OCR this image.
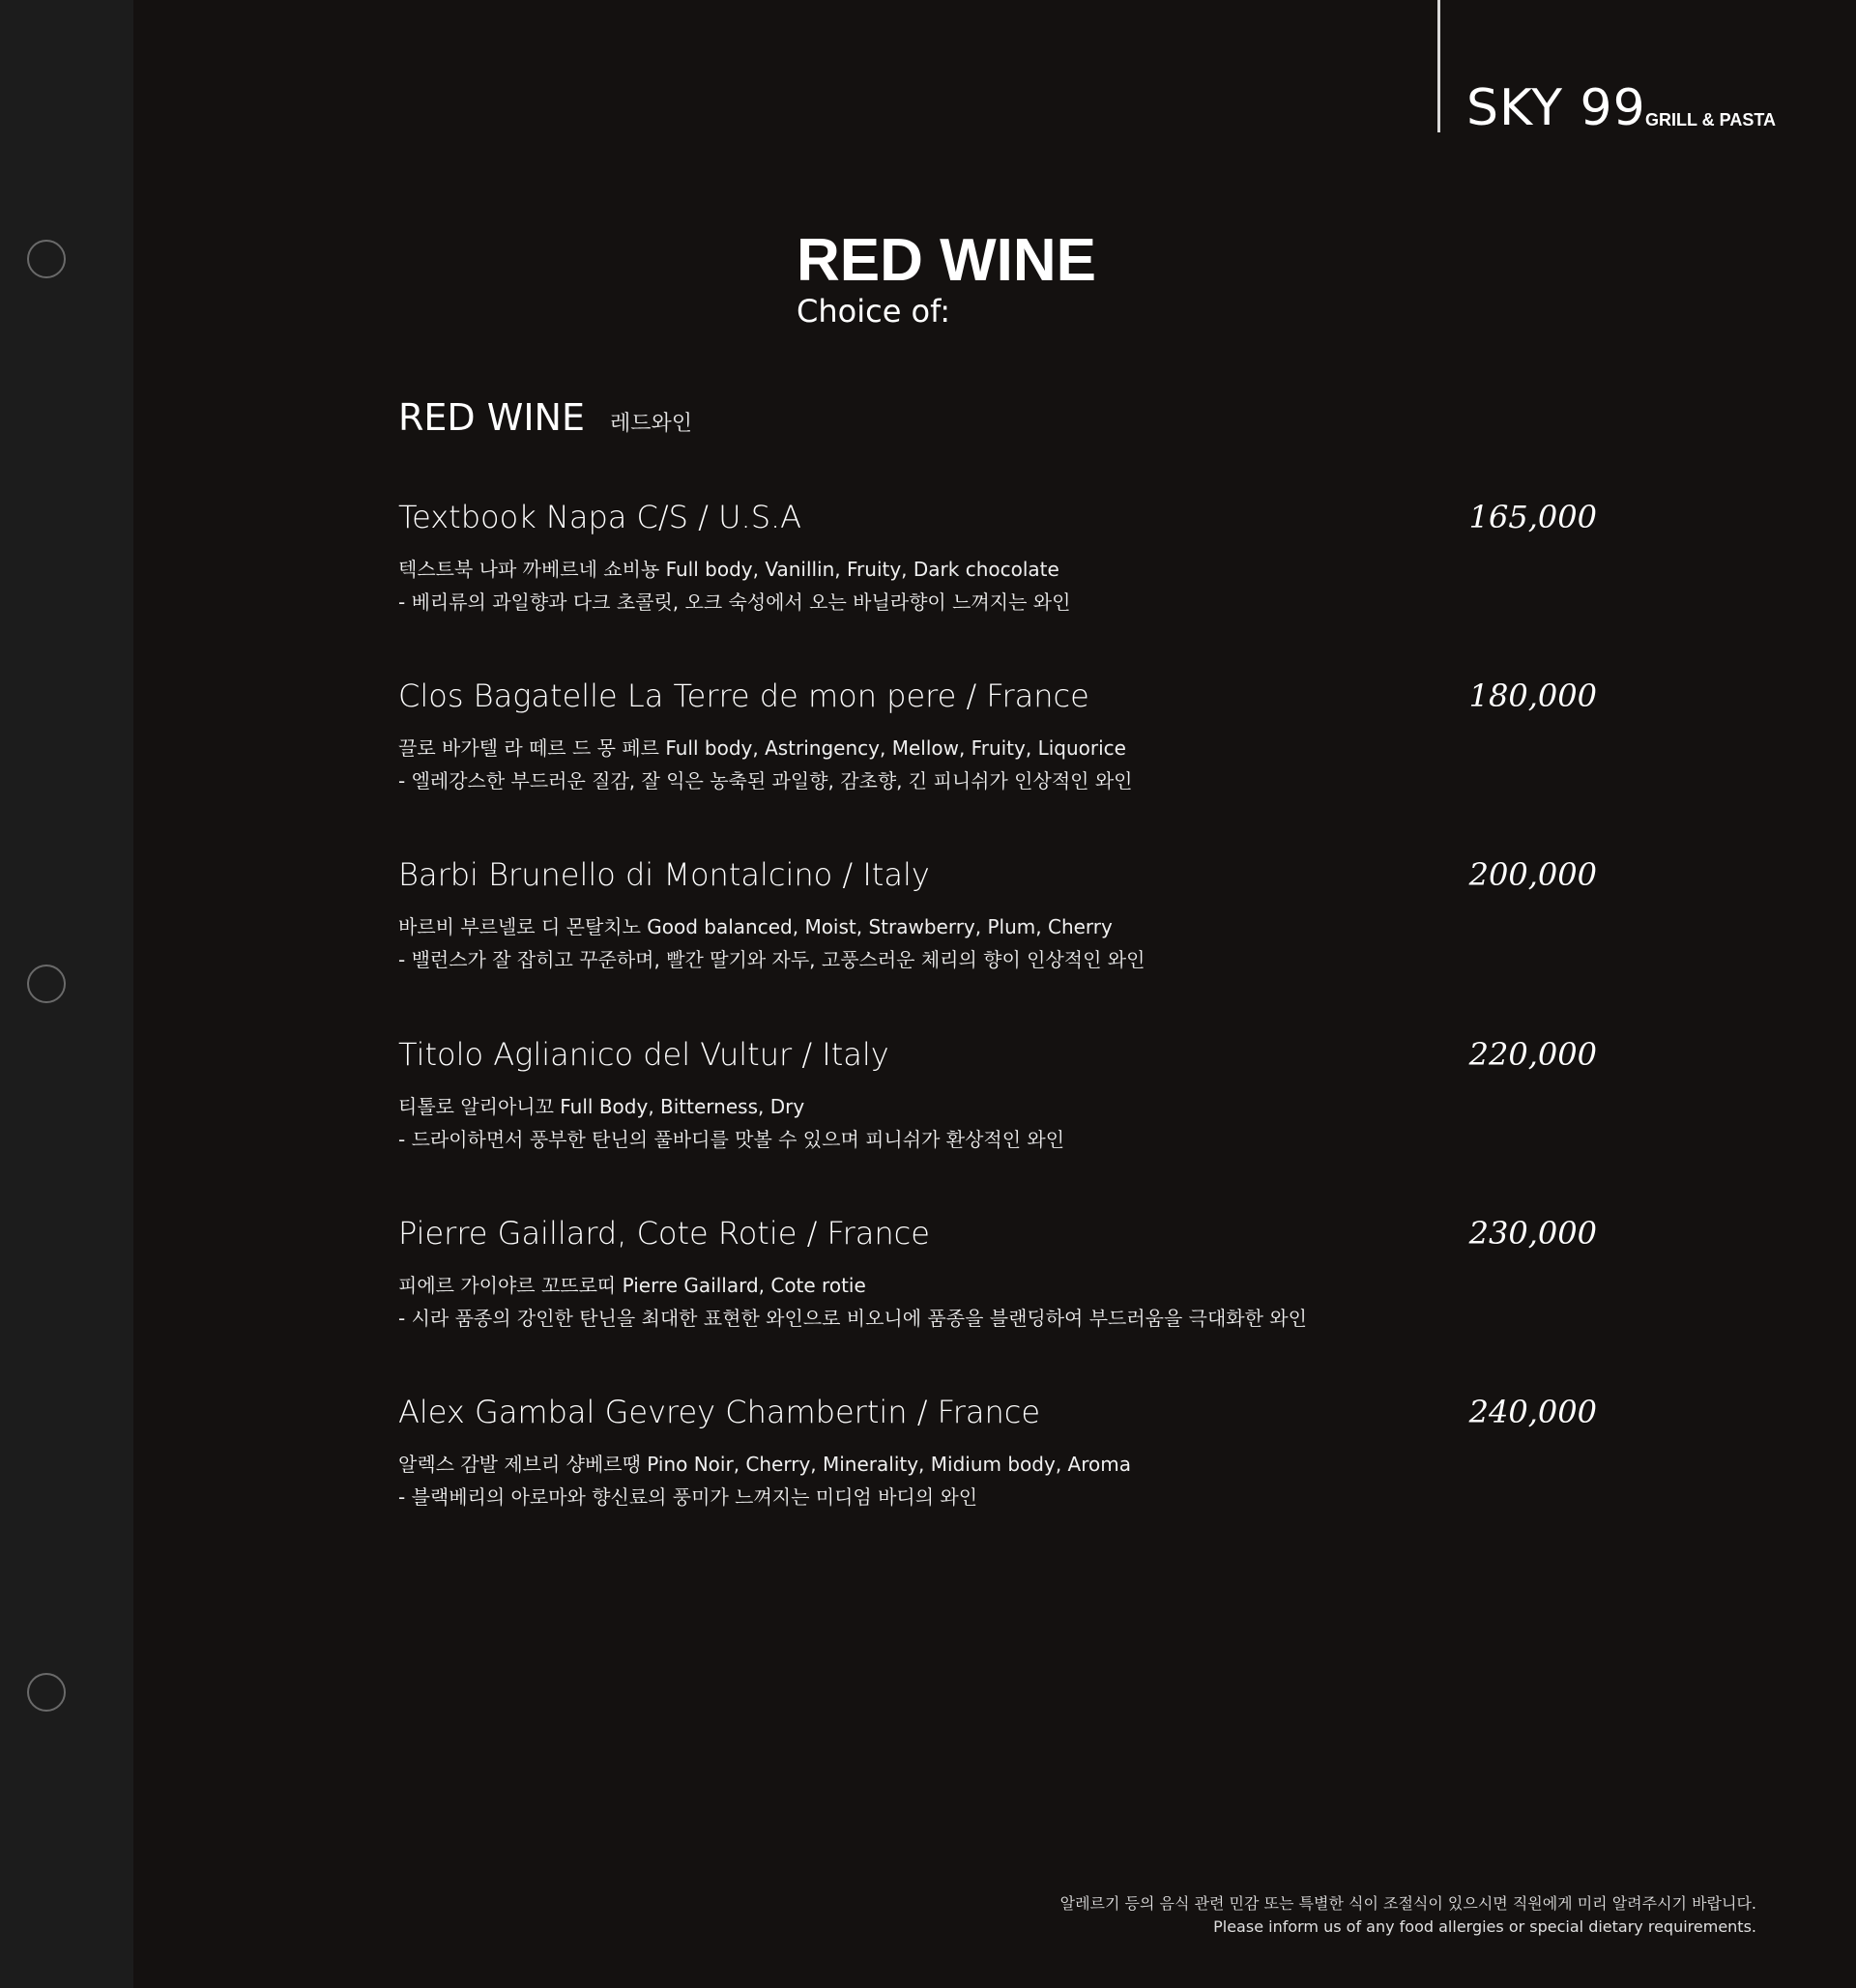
SKY 99 GRILL & PASTA
RED WINE
Choice of:
RED WINE 레드와인
Textbook Napa C/S / U.S.A	165,000
텍스트북 나파 까베르네 쇼비뇽 Full body, Vanillin, Fruity, Dark chocolate
- 베리류의 과일향과 다크 초콜릿, 오크 숙성에서 오는 바닐라향이 느껴지는 와인
Clos Bagatelle La Terre de mon pere / France	180,000
끌로 바가텔 라 떼르 드 몽 페르 Full body, Astringency, Mellow, Fruity, Liquorice
- 엘레강스한 부드러운 질감, 잘 익은 농축된 과일향, 감초향, 긴 피니쉬가 인상적인 와인
Barbi Brunello di Montalcino / Italy	200,000
바르비 부르넬로 디 몬탈치노 Good balanced, Moist, Strawberry, Plum, Cherry
- 밸런스가 잘 잡히고 꾸준하며, 빨간 딸기와 자두, 고풍스러운 체리의 향이 인상적인 와인
Titolo Aglianico del Vultur / Italy	220,000
티톨로 알리아니꼬 Full Body, Bitterness, Dry
- 드라이하면서 풍부한 탄닌의 풀바디를 맛볼 수 있으며 피니쉬가 환상적인 와인
Pierre Gaillard, Cote Rotie / France	230,000
피에르 가이야르 꼬뜨로띠 Pierre Gaillard, Cote rotie
- 시라 품종의 강인한 탄닌을 최대한 표현한 와인으로 비오니에 품종을 블랜딩하여 부드러움을 극대화한 와인
Alex Gambal Gevrey Chambertin / France	240,000
알렉스 감발 제브리 샹베르땡 Pino Noir, Cherry, Minerality, Midium body, Aroma
- 블랙베리의 아로마와 향신료의 풍미가 느껴지는 미디엄 바디의 와인
알레르기 등의 음식 관련 민감 또는 특별한 식이 조절식이 있으시면 직원에게 미리 알려주시기 바랍니다.
Please inform us of any food allergies or special dietary requirements.
